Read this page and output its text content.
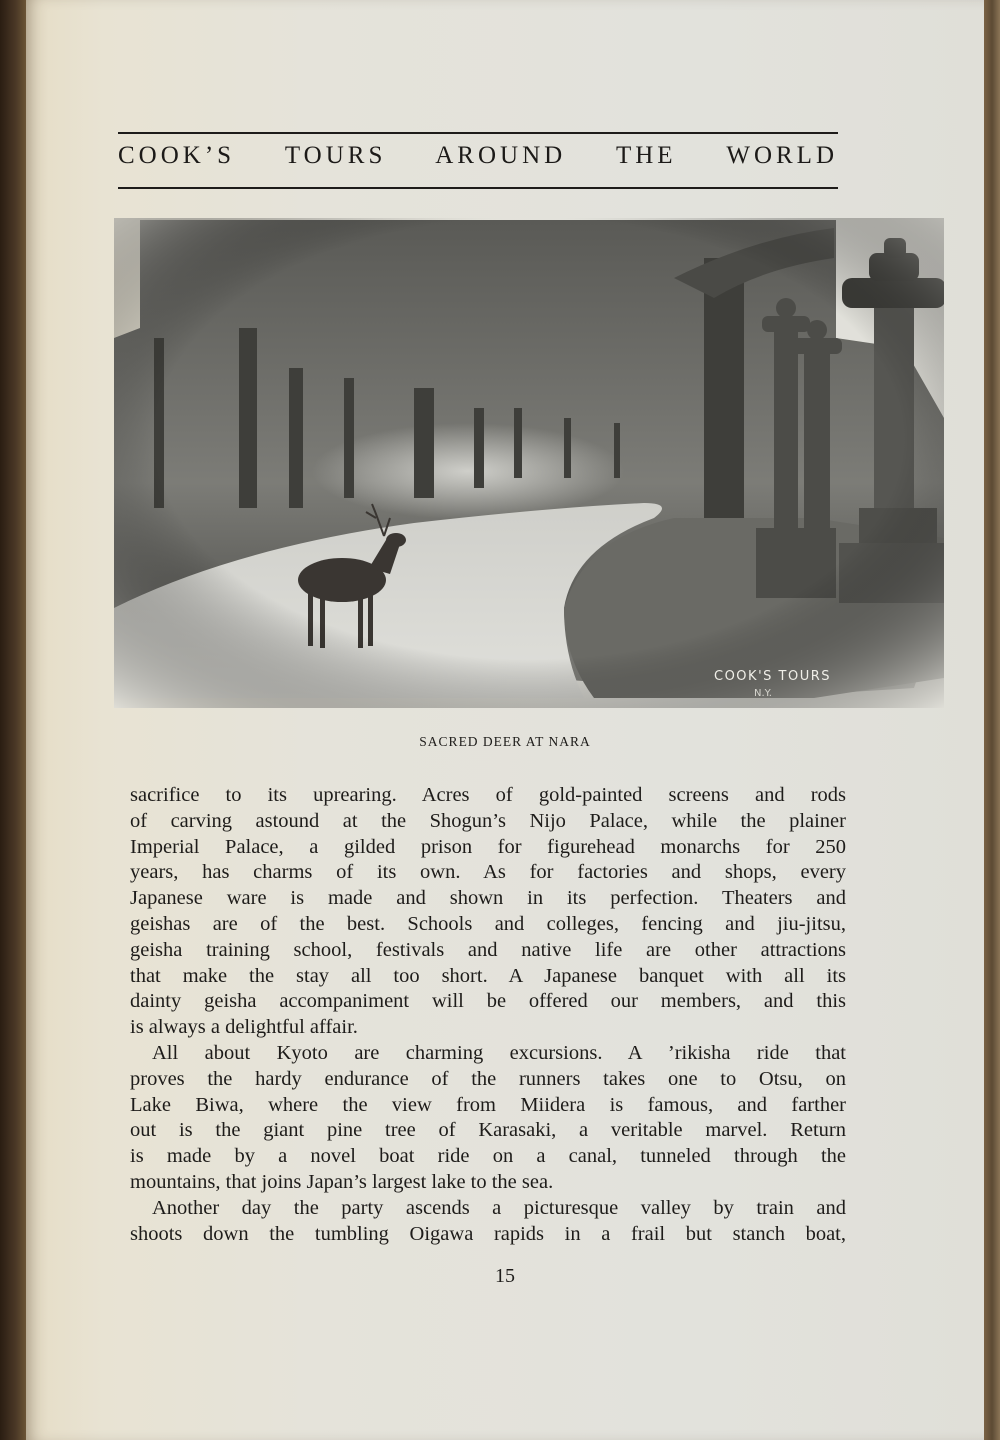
COOK’S TOURS AROUND THE WORLD
COOK'S TOURS
N.Y.
SACRED DEER AT NARA
sacrifice to its uprearing. Acres of gold-painted screens and rods
of carving astound at the Shogun’s Nijo Palace, while the plainer
Imperial Palace, a gilded prison for figurehead monarchs for 250
years, has charms of its own. As for factories and shops, every
Japanese ware is made and shown in its perfection. Theaters and
geishas are of the best. Schools and colleges, fencing and jiu-jitsu,
geisha training school, festivals and native life are other attractions
that make the stay all too short. A Japanese banquet with all its
dainty geisha accompaniment will be offered our members, and this
is always a delightful affair.
All about Kyoto are charming excursions. A ’rikisha ride that
proves the hardy endurance of the runners takes one to Otsu, on
Lake Biwa, where the view from Miidera is famous, and farther
out is the giant pine tree of Karasaki, a veritable marvel. Return
is made by a novel boat ride on a canal, tunneled through the
mountains, that joins Japan’s largest lake to the sea.
Another day the party ascends a picturesque valley by train and
shoots down the tumbling Oigawa rapids in a frail but stanch boat,
15
